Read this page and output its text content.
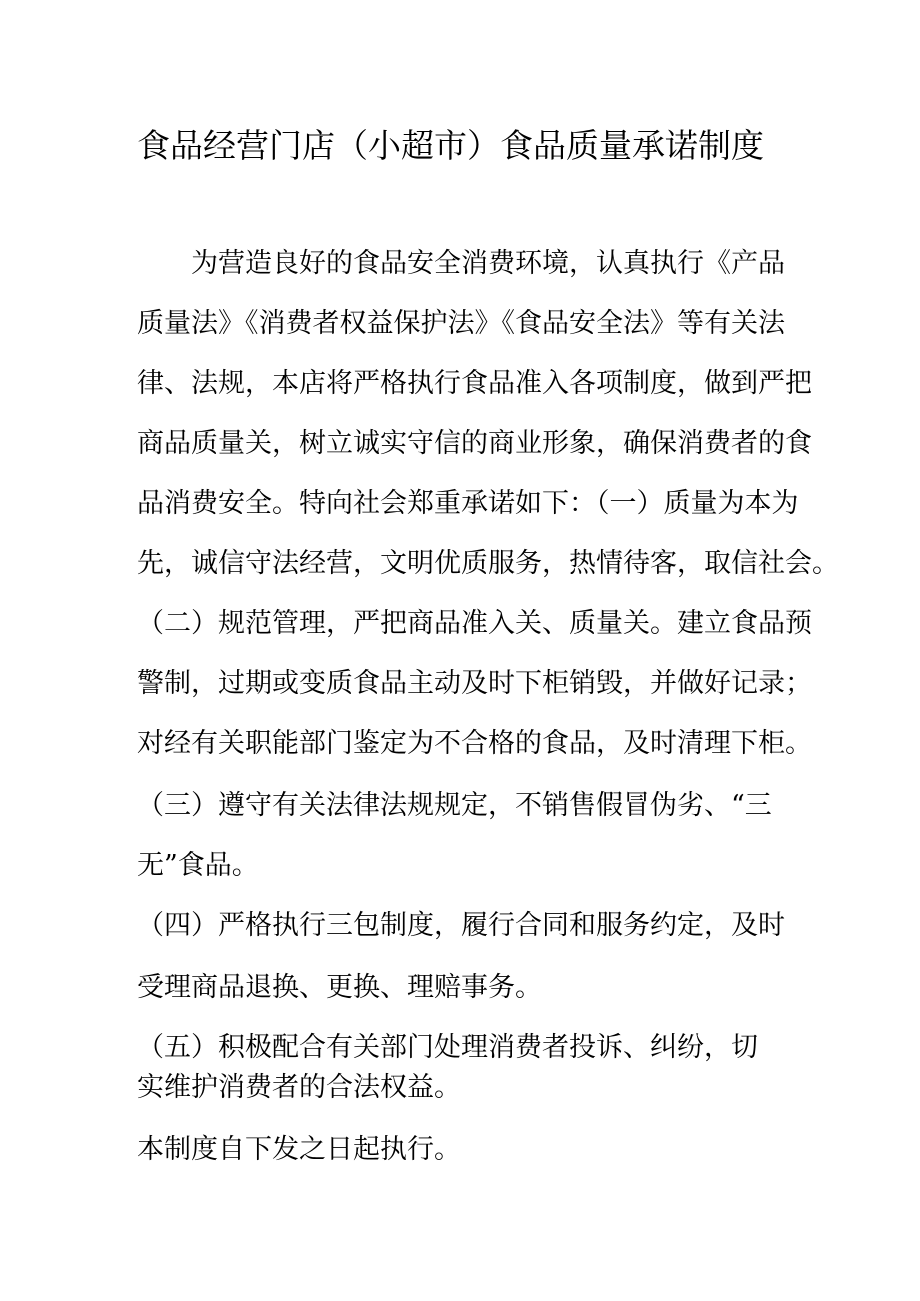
食品经营门店（小超市）食品质量承诺制度
　　为营造良好的食品安全消费环境，认真执行《产品
质量法》《消费者权益保护法》《食品安全法》等有关法
律、法规，本店将严格执行食品准入各项制度，做到严把
商品质量关，树立诚实守信的商业形象，确保消费者的食
品消费安全。特向社会郑重承诺如下：（一）质量为本为
先，诚信守法经营，文明优质服务，热情待客，取信社会。
（二）规范管理，严把商品准入关、质量关。建立食品预
警制，过期或变质食品主动及时下柜销毁，并做好记录；
对经有关职能部门鉴定为不合格的食品，及时清理下柜。
（三）遵守有关法律法规规定，不销售假冒伪劣、“三
无”食品。
（四）严格执行三包制度，履行合同和服务约定，及时
受理商品退换、更换、理赔事务。
（五）积极配合有关部门处理消费者投诉、纠纷，切
实维护消费者的合法权益。
本制度自下发之日起执行。
